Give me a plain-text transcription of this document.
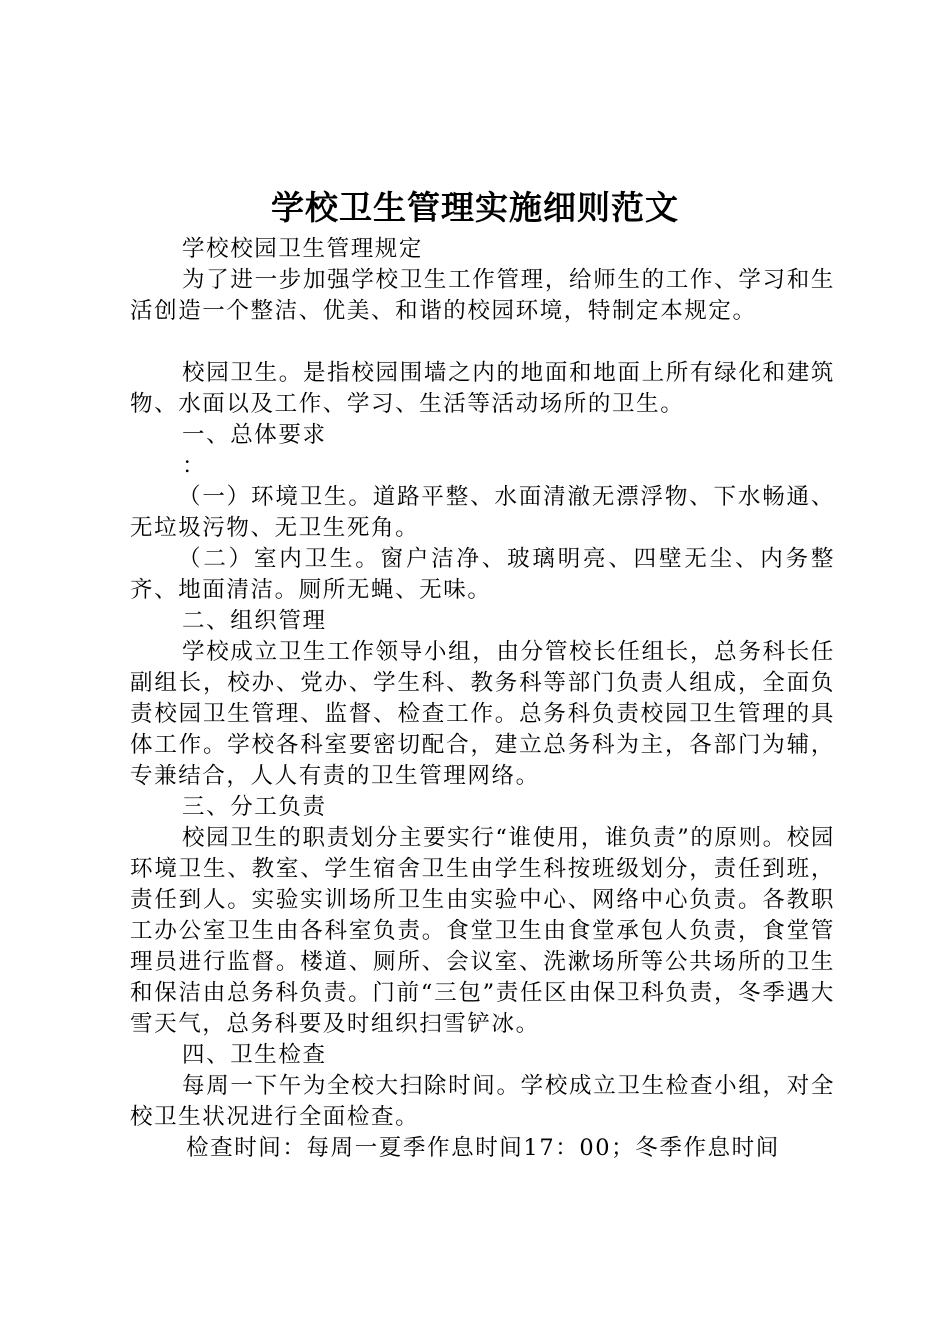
学校卫生管理实施细则范文

学校校园卫生管理规定

为了进一步加强学校卫生工作管理，给师生的工作、学习和生活创造一个整洁、优美、和谐的校园环境，特制定本规定。

校园卫生。是指校园围墙之内的地面和地面上所有绿化和建筑物、水面以及工作、学习、生活等活动场所的卫生。

一、总体要求

：

（一）环境卫生。道路平整、水面清澈无漂浮物、下水畅通、无垃圾污物、无卫生死角。

（二）室内卫生。窗户洁净、玻璃明亮、四壁无尘、内务整齐、地面清洁。厕所无蝇、无味。

二、组织管理

学校成立卫生工作领导小组，由分管校长任组长，总务科长任副组长，校办、党办、学生科、教务科等部门负责人组成，全面负责校园卫生管理、监督、检查工作。总务科负责校园卫生管理的具体工作。学校各科室要密切配合，建立总务科为主，各部门为辅，专兼结合，人人有责的卫生管理网络。

三、分工负责

校园卫生的职责划分主要实行“谁使用，谁负责”的原则。校园环境卫生、教室、学生宿舍卫生由学生科按班级划分，责任到班，责任到人。实验实训场所卫生由实验中心、网络中心负责。各教职工办公室卫生由各科室负责。食堂卫生由食堂承包人负责，食堂管理员进行监督。楼道、厕所、会议室、洗漱场所等公共场所的卫生和保洁由总务科负责。门前“三包”责任区由保卫科负责，冬季遇大雪天气，总务科要及时组织扫雪铲冰。

四、卫生检查

每周一下午为全校大扫除时间。学校成立卫生检查小组，对全校卫生状况进行全面检查。

检查时间：每周一夏季作息时间17：00；冬季作息时间
